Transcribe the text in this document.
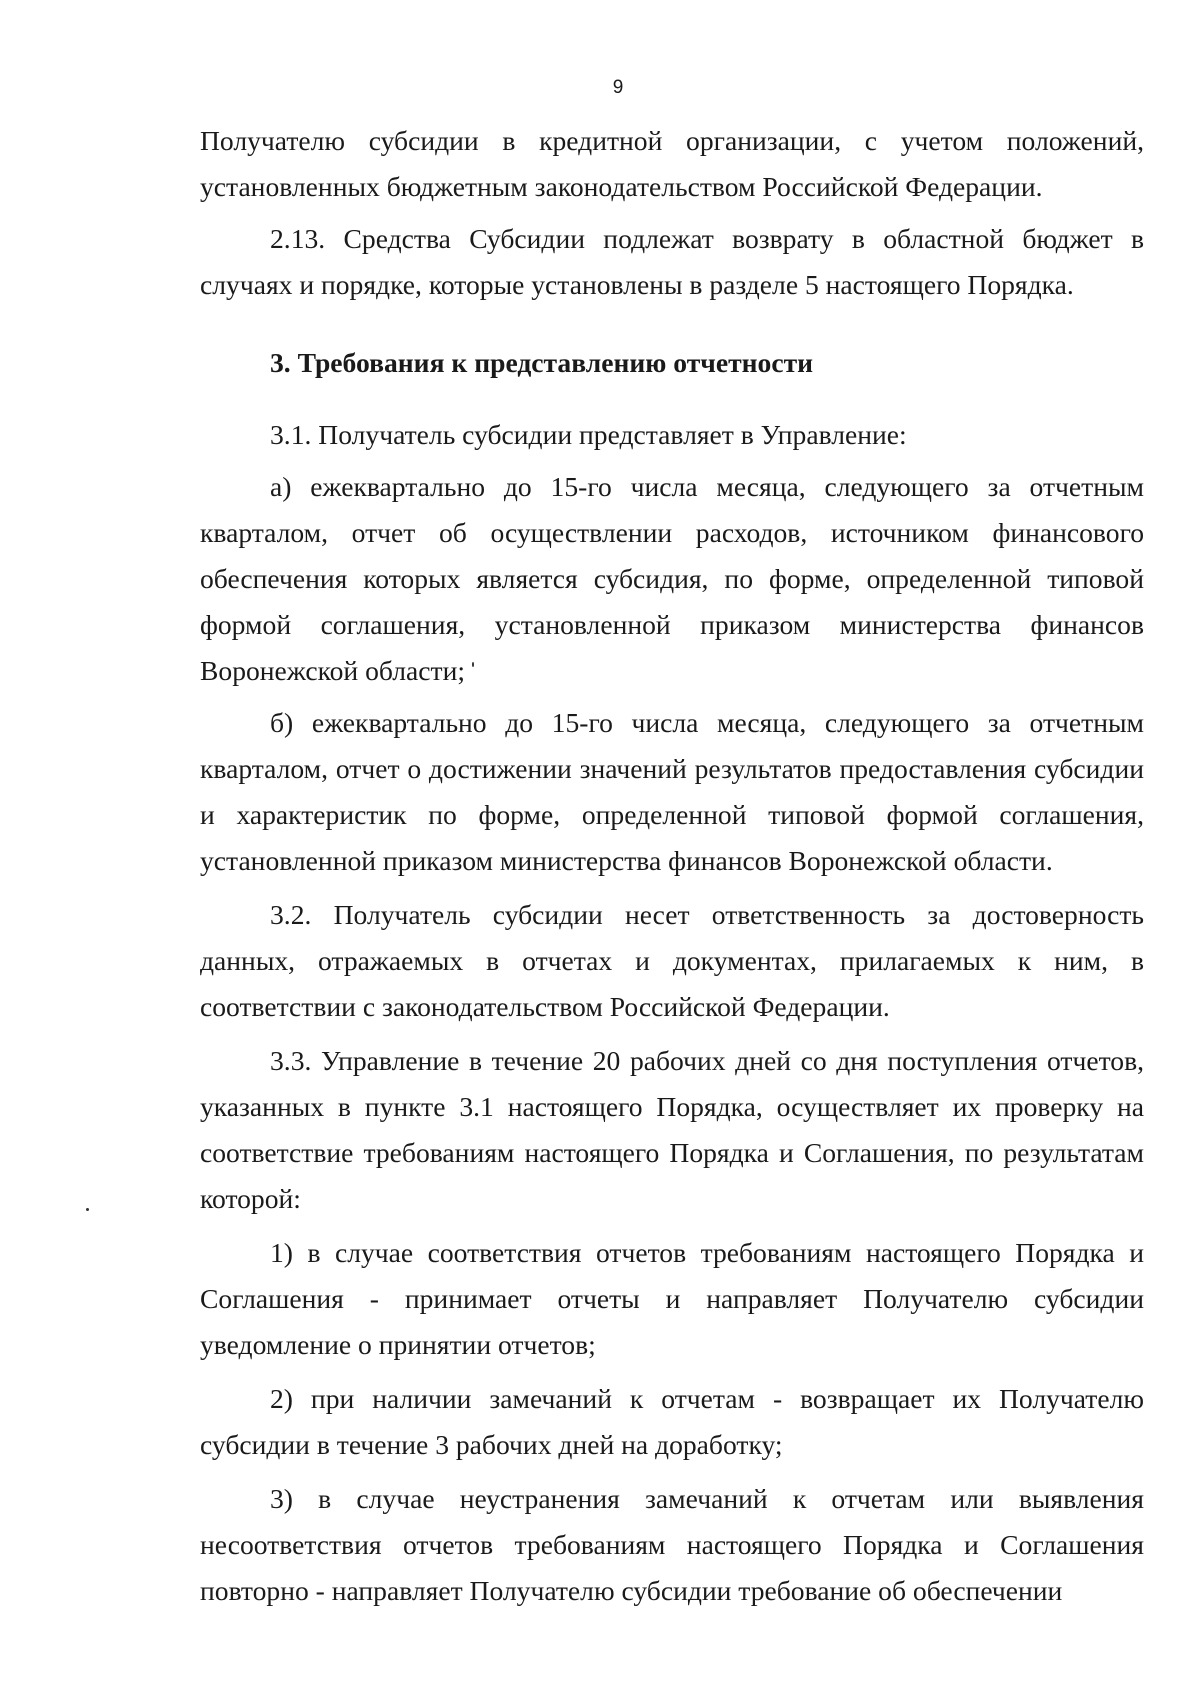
9

Получателю субсидии в кредитной организации, с учетом положений, установленных бюджетным законодательством Российской Федерации.

2.13. Средства Субсидии подлежат возврату в областной бюджет в случаях и порядке, которые установлены в разделе 5 настоящего Порядка.

3. Требования к представлению отчетности

3.1. Получатель субсидии представляет в Управление:

а) ежеквартально до 15-го числа месяца, следующего за отчетным кварталом, отчет об осуществлении расходов, источником финансового обеспечения которых является субсидия, по форме, определенной типовой формой соглашения, установленной приказом министерства финансов Воронежской области;

б) ежеквартально до 15-го числа месяца, следующего за отчетным кварталом, отчет о достижении значений результатов предоставления субсидии и характеристик по форме, определенной типовой формой соглашения, установленной приказом министерства финансов Воронежской области.

3.2. Получатель субсидии несет ответственность за достоверность данных, отражаемых в отчетах и документах, прилагаемых к ним, в соответствии с законодательством Российской Федерации.

3.3. Управление в течение 20 рабочих дней со дня поступления отчетов, указанных в пункте 3.1 настоящего Порядка, осуществляет их проверку на соответствие требованиям настоящего Порядка и Соглашения, по результатам которой:

1) в случае соответствия отчетов требованиям настоящего Порядка и Соглашения - принимает отчеты и направляет Получателю субсидии уведомление о принятии отчетов;

2) при наличии замечаний к отчетам - возвращает их Получателю субсидии в течение 3 рабочих дней на доработку;

3) в случае неустранения замечаний к отчетам или выявления несоответствия отчетов требованиям настоящего Порядка и Соглашения повторно - направляет Получателю субсидии требование об обеспечении
